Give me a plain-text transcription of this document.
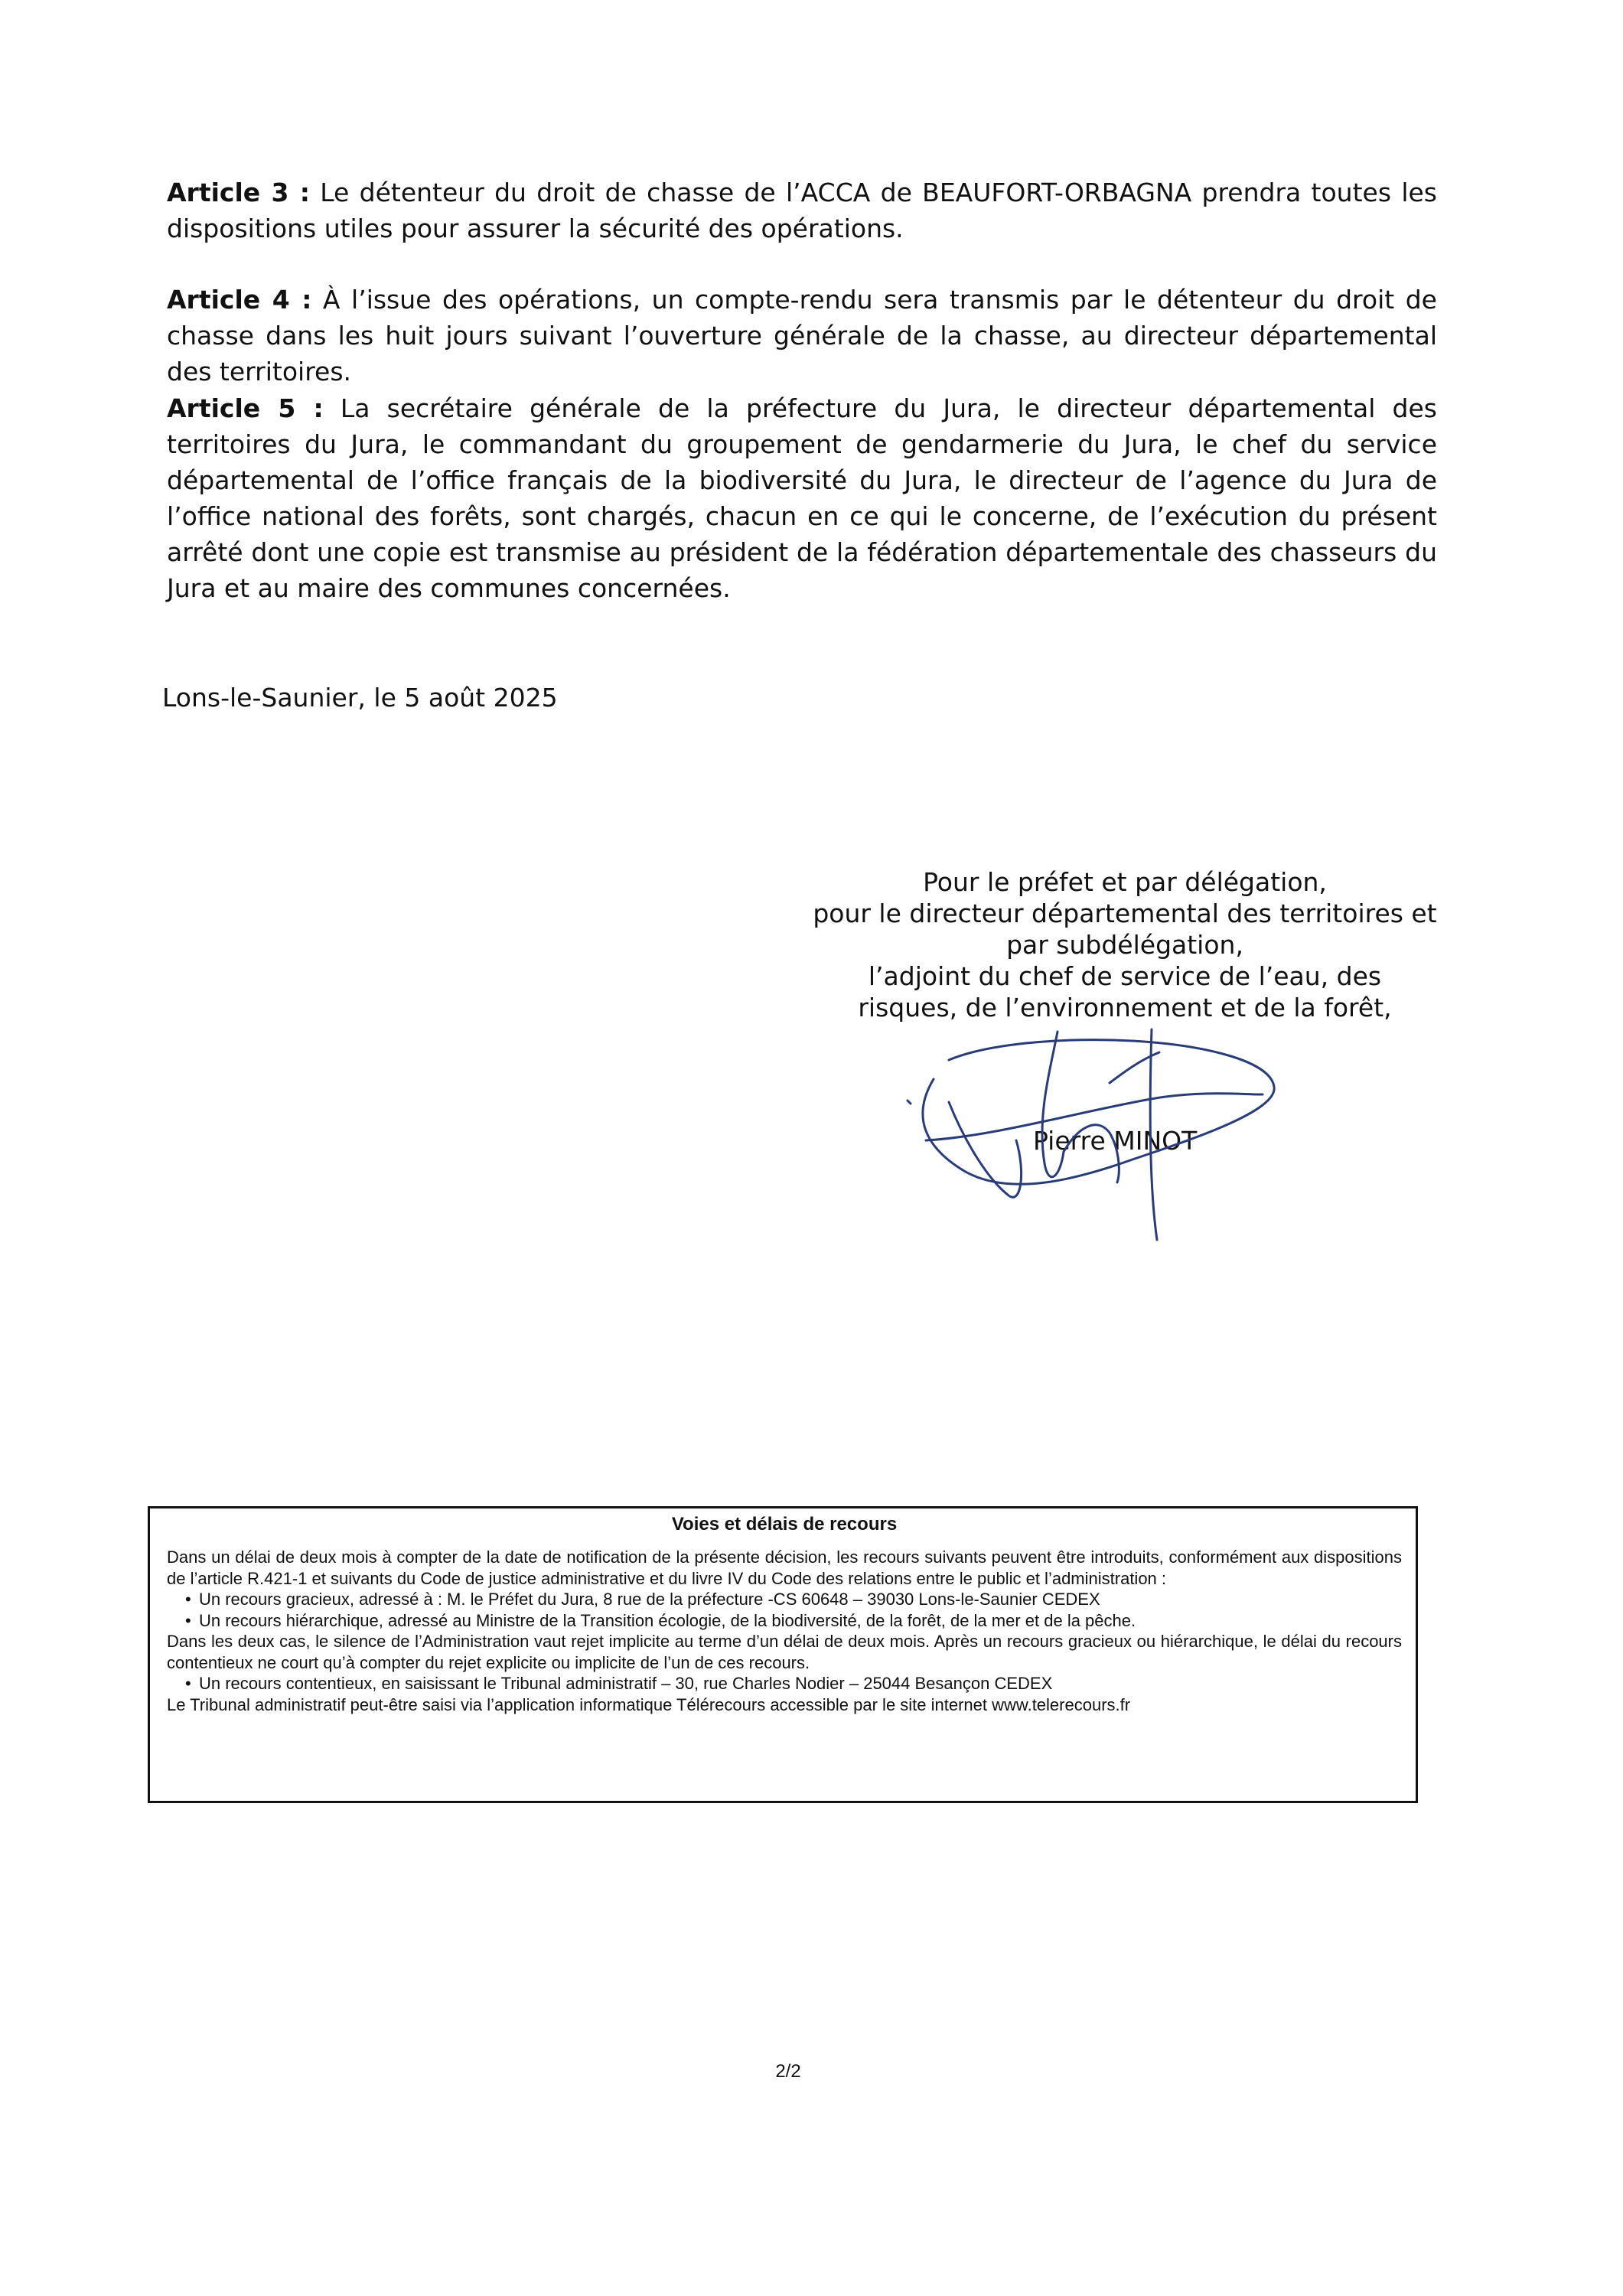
Article 3 : Le détenteur du droit de chasse de l’ACCA de BEAUFORT-ORBAGNA prendra toutes les dispositions utiles pour assurer la sécurité des opérations.

Article 4 : À l’issue des opérations, un compte-rendu sera transmis par le détenteur du droit de chasse dans les huit jours suivant l’ouverture générale de la chasse, au directeur départemental des territoires.

Article 5 : La secrétaire générale de la préfecture du Jura, le directeur départemental des territoires du Jura, le commandant du groupement de gendarmerie du Jura, le chef du service départemental de l’office français de la biodiversité du Jura, le directeur de l’agence du Jura de l’office national des forêts, sont chargés, chacun en ce qui le concerne, de l’exécution du présent arrêté dont une copie est transmise au président de la fédération départementale des chasseurs du Jura et au maire des communes concernées.

Lons-le-Saunier, le 5 août 2025

Pour le préfet et par délégation,
pour le directeur départemental des territoires et
par subdélégation,
l’adjoint du chef de service de l’eau, des
risques, de l’environnement et de la forêt,
Pierre MINOT

Voies et délais de recours

Dans un délai de deux mois à compter de la date de notification de la présente décision, les recours suivants peuvent être introduits, conformément aux dispositions de l’article R.421-1 et suivants du Code de justice administrative et du livre IV du Code des relations entre le public et l’administration :

• Un recours gracieux, adressé à : M. le Préfet du Jura, 8 rue de la préfecture -CS 60648 – 39030 Lons-le-Saunier CEDEX

• Un recours hiérarchique, adressé au Ministre de la Transition écologie, de la biodiversité, de la forêt, de la mer et de la pêche.

Dans les deux cas, le silence de l’Administration vaut rejet implicite au terme d’un délai de deux mois. Après un recours gracieux ou hiérarchique, le délai du recours contentieux ne court qu’à compter du rejet explicite ou implicite de l’un de ces recours.

• Un recours contentieux, en saisissant le Tribunal administratif – 30, rue Charles Nodier – 25044 Besançon CEDEX

Le Tribunal administratif peut-être saisi via l’application informatique Télérecours accessible par le site internet www.telerecours.fr

2/2
